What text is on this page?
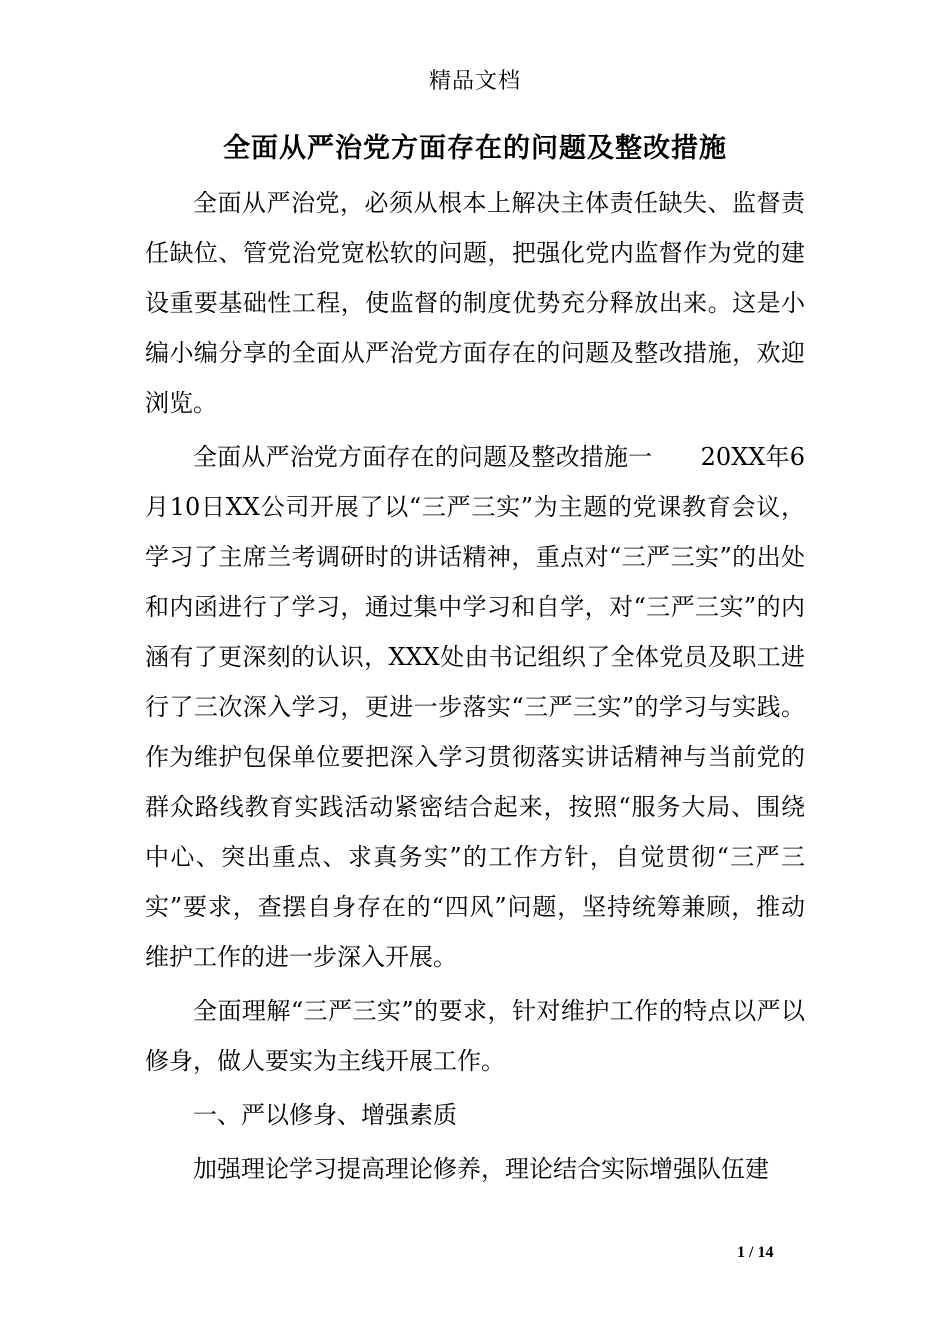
精品文档
全面从严治党方面存在的问题及整改措施

全面从严治党，必须从根本上解决主体责任缺失、监督责任缺位、管党治党宽松软的问题，把强化党内监督作为党的建设重要基础性工程，使监督的制度优势充分释放出来。这是小编小编分享的全面从严治党方面存在的问题及整改措施，欢迎浏览。

全面从严治党方面存在的问题及整改措施一　　20XX年6月10日XX公司开展了以“三严三实”为主题的党课教育会议，学习了主席兰考调研时的讲话精神，重点对“三严三实”的出处和内函进行了学习，通过集中学习和自学，对“三严三实”的内涵有了更深刻的认识，XXX处由书记组织了全体党员及职工进行了三次深入学习，更进一步落实“三严三实”的学习与实践。作为维护包保单位要把深入学习贯彻落实讲话精神与当前党的群众路线教育实践活动紧密结合起来，按照“服务大局、围绕中心、突出重点、求真务实”的工作方针，自觉贯彻“三严三实”要求，查摆自身存在的“四风”问题，坚持统筹兼顾，推动维护工作的进一步深入开展。

全面理解“三严三实”的要求，针对维护工作的特点以严以修身，做人要实为主线开展工作。

一、严以修身、增强素质

加强理论学习提高理论修养，理论结合实际增强队伍建

1 / 14
